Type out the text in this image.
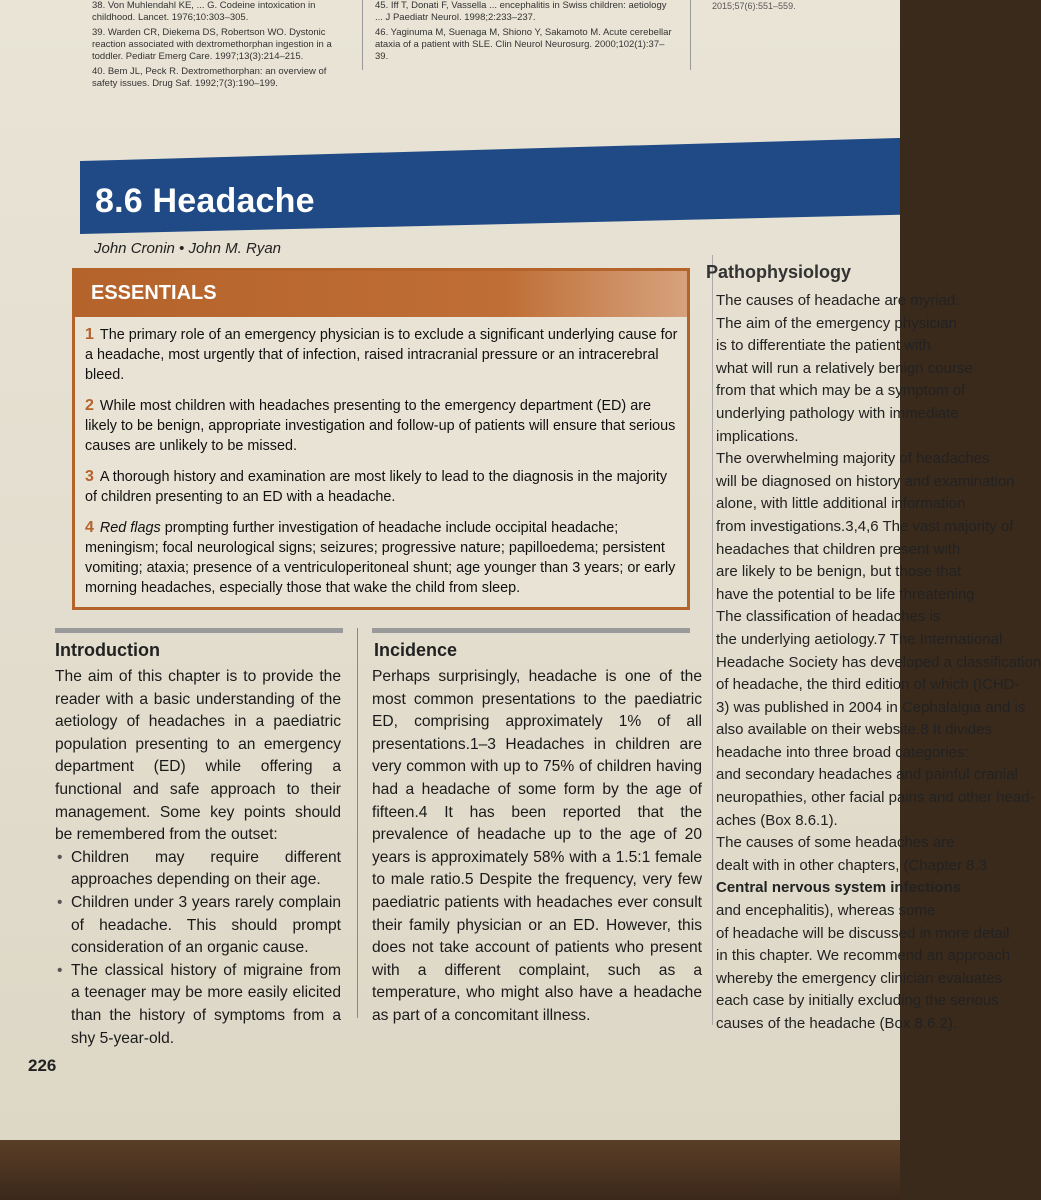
38. Von Muhlendahl KE, ... G. Codeine intoxication in childhood. Lancet. 1976;10:303–305.

39. Warden CR, Diekema DS, Robertson WO. Dystonic reaction associated with dextromethorphan ingestion in a toddler. Pediatr Emerg Care. 1997;13(3):214–215.

40. Bem JL, Peck R. Dextromethorphan: an overview of safety issues. Drug Saf. 1992;7(3):190–199.

45. Iff T, Donati F, Vassella ... encephalitis in Swiss children: aetiology ... J Paediatr Neurol. 1998;2:233–237.

46. Yaginuma M, Suenaga M, Shiono Y, Sakamoto M. Acute cerebellar ataxia of a patient with SLE. Clin Neurol Neurosurg. 2000;102(1):37–39.

2015;57(6):551–559.

8.6 Headache
John Cronin • John M. Ryan
ESSENTIALS
1 The primary role of an emergency physician is to exclude a significant underlying cause for a headache, most urgently that of infection, raised intracranial pressure or an intracerebral bleed.
2 While most children with headaches presenting to the emergency department (ED) are likely to be benign, appropriate investigation and follow-up of patients will ensure that serious causes are unlikely to be missed.
3 A thorough history and examination are most likely to lead to the diagnosis in the majority of children presenting to an ED with a headache.
4 Red flags prompting further investigation of headache include occipital headache; meningism; focal neurological signs; seizures; progressive nature; papilloedema; persistent vomiting; ataxia; presence of a ventriculoperitoneal shunt; age younger than 3 years; or early morning headaches, especially those that wake the child from sleep.
Introduction

The aim of this chapter is to provide the reader with a basic understanding of the aetiology of headaches in a paediatric population presenting to an emergency department (ED) while offering a functional and safe approach to their management. Some key points should be remembered from the outset:

• Children may require different approaches depending on their age.
• Children under 3 years rarely complain of headache. This should prompt consideration of an organic cause.
• The classical history of migraine from a teenager may be more easily elicited than the history of symptoms from a shy 5-year-old.
Incidence

Perhaps surprisingly, headache is one of the most common presentations to the paediatric ED, comprising approximately 1% of all presentations.1–3 Headaches in children are very common with up to 75% of children having had a headache of some form by the age of fifteen.4 It has been reported that the prevalence of headache up to the age of 20 years is approximately 58% with a 1.5:1 female to male ratio.5 Despite the frequency, very few paediatric patients with headaches ever consult their family physician or an ED. However, this does not take account of patients who present with a different complaint, such as a temperature, who might also have a headache as part of a concomitant illness.

Pathophysiology
The causes of headache are myriad.
The aim of the emergency physician
is to differentiate the patient with
what will run a relatively benign course
from that which may be a symptom of
underlying pathology with immediate
implications.
The overwhelming majority of headaches
will be diagnosed on history and examination
alone, with little additional information
from investigations.3,4,6 The vast majority of
headaches that children present with
are likely to be benign, but those that
have the potential to be life threatening
The classification of headaches is
the underlying aetiology.7 The International
Headache Society has developed a classification
of headache, the third edition of which (ICHD-
3) was published in 2004 in Cephalalgia and is
also available on their website.8 It divides
headache into three broad categories:
and secondary headaches and painful cranial
neuropathies, other facial pains and other head-
aches (Box 8.6.1).
The causes of some headaches are
dealt with in other chapters, (Chapter 8.3
Central nervous system infections
and encephalitis), whereas some
of headache will be discussed in more detail
in this chapter. We recommend an approach
whereby the emergency clinician evaluates
each case by initially excluding the serious
causes of the headache (Box 8.6.2).
226
